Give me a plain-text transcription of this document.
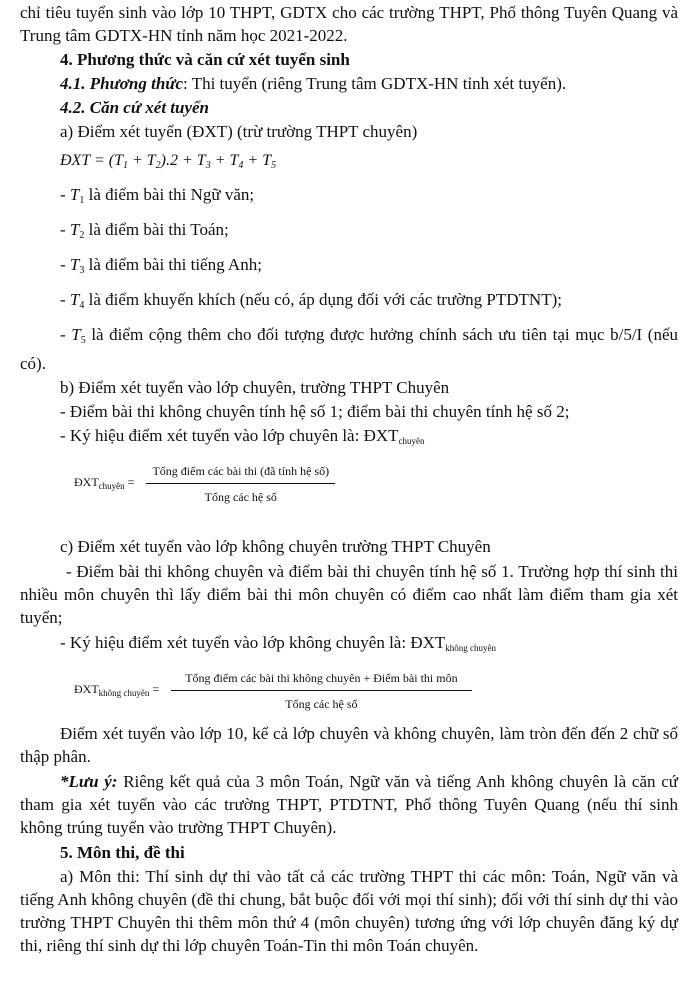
chỉ tiêu tuyển sinh vào lớp 10 THPT, GDTX cho các trường THPT, Phổ thông Tuyên Quang và Trung tâm GDTX-HN tỉnh năm học 2021-2022.

4. Phương thức và căn cứ xét tuyển sinh

4.1. Phương thức: Thi tuyển (riêng Trung tâm GDTX-HN tỉnh xét tuyển).

4.2. Căn cứ xét tuyển

a) Điểm xét tuyển (ĐXT) (trừ trường THPT chuyên)

ĐXT = (T1 + T2).2 + T3 + T4 + T5

- T1 là điểm bài thi Ngữ văn;

- T2 là điểm bài thi Toán;

- T3 là điểm bài thi tiếng Anh;

- T4 là điểm khuyến khích (nếu có, áp dụng đối với các trường PTDTNT);

- T5 là điểm cộng thêm cho đối tượng được hưởng chính sách ưu tiên tại mục b/5/I (nếu có).

b) Điểm xét tuyển vào lớp chuyên, trường THPT Chuyên

- Điểm bài thi không chuyên tính hệ số 1; điểm bài thi chuyên tính hệ số 2;

- Ký hiệu điểm xét tuyển vào lớp chuyên là: ĐXTchuyên

$ĐXT_{chuyên} = \frac{\text{Tổng điểm các bài thi (đã tính hệ số)}}{\text{Tổng các hệ số}}$

c) Điểm xét tuyển vào lớp không chuyên trường THPT Chuyên

- Điểm bài thi không chuyên và điểm bài thi chuyên tính hệ số 1. Trường hợp thí sinh thi nhiều môn chuyên thì lấy điểm bài thi môn chuyên có điểm cao nhất làm điểm tham gia xét tuyển;

- Ký hiệu điểm xét tuyển vào lớp không chuyên là: ĐXTkhông chuyên

$ĐXT_{không chuyên} = \frac{\text{Tổng điểm các bài thi không chuyên + Điểm bài thi môn}}{\text{Tổng các hệ số}}$

Điểm xét tuyển vào lớp 10, kể cả lớp chuyên và không chuyên, làm tròn đến đến 2 chữ số thập phân.

*Lưu ý: Riêng kết quả của 3 môn Toán, Ngữ văn và tiếng Anh không chuyên là căn cứ tham gia xét tuyển vào các trường THPT, PTDTNT, Phổ thông Tuyên Quang (nếu thí sinh không trúng tuyển vào trường THPT Chuyên).

5. Môn thi, đề thi

a) Môn thi: Thí sinh dự thi vào tất cả các trường THPT thi các môn: Toán, Ngữ văn và tiếng Anh không chuyên (đề thi chung, bắt buộc đối với mọi thí sinh); đối với thí sinh dự thi vào trường THPT Chuyên thi thêm môn thứ 4 (môn chuyên) tương ứng với lớp chuyên đăng ký dự thi, riêng thí sinh dự thi lớp chuyên Toán-Tin thi môn Toán chuyên.
